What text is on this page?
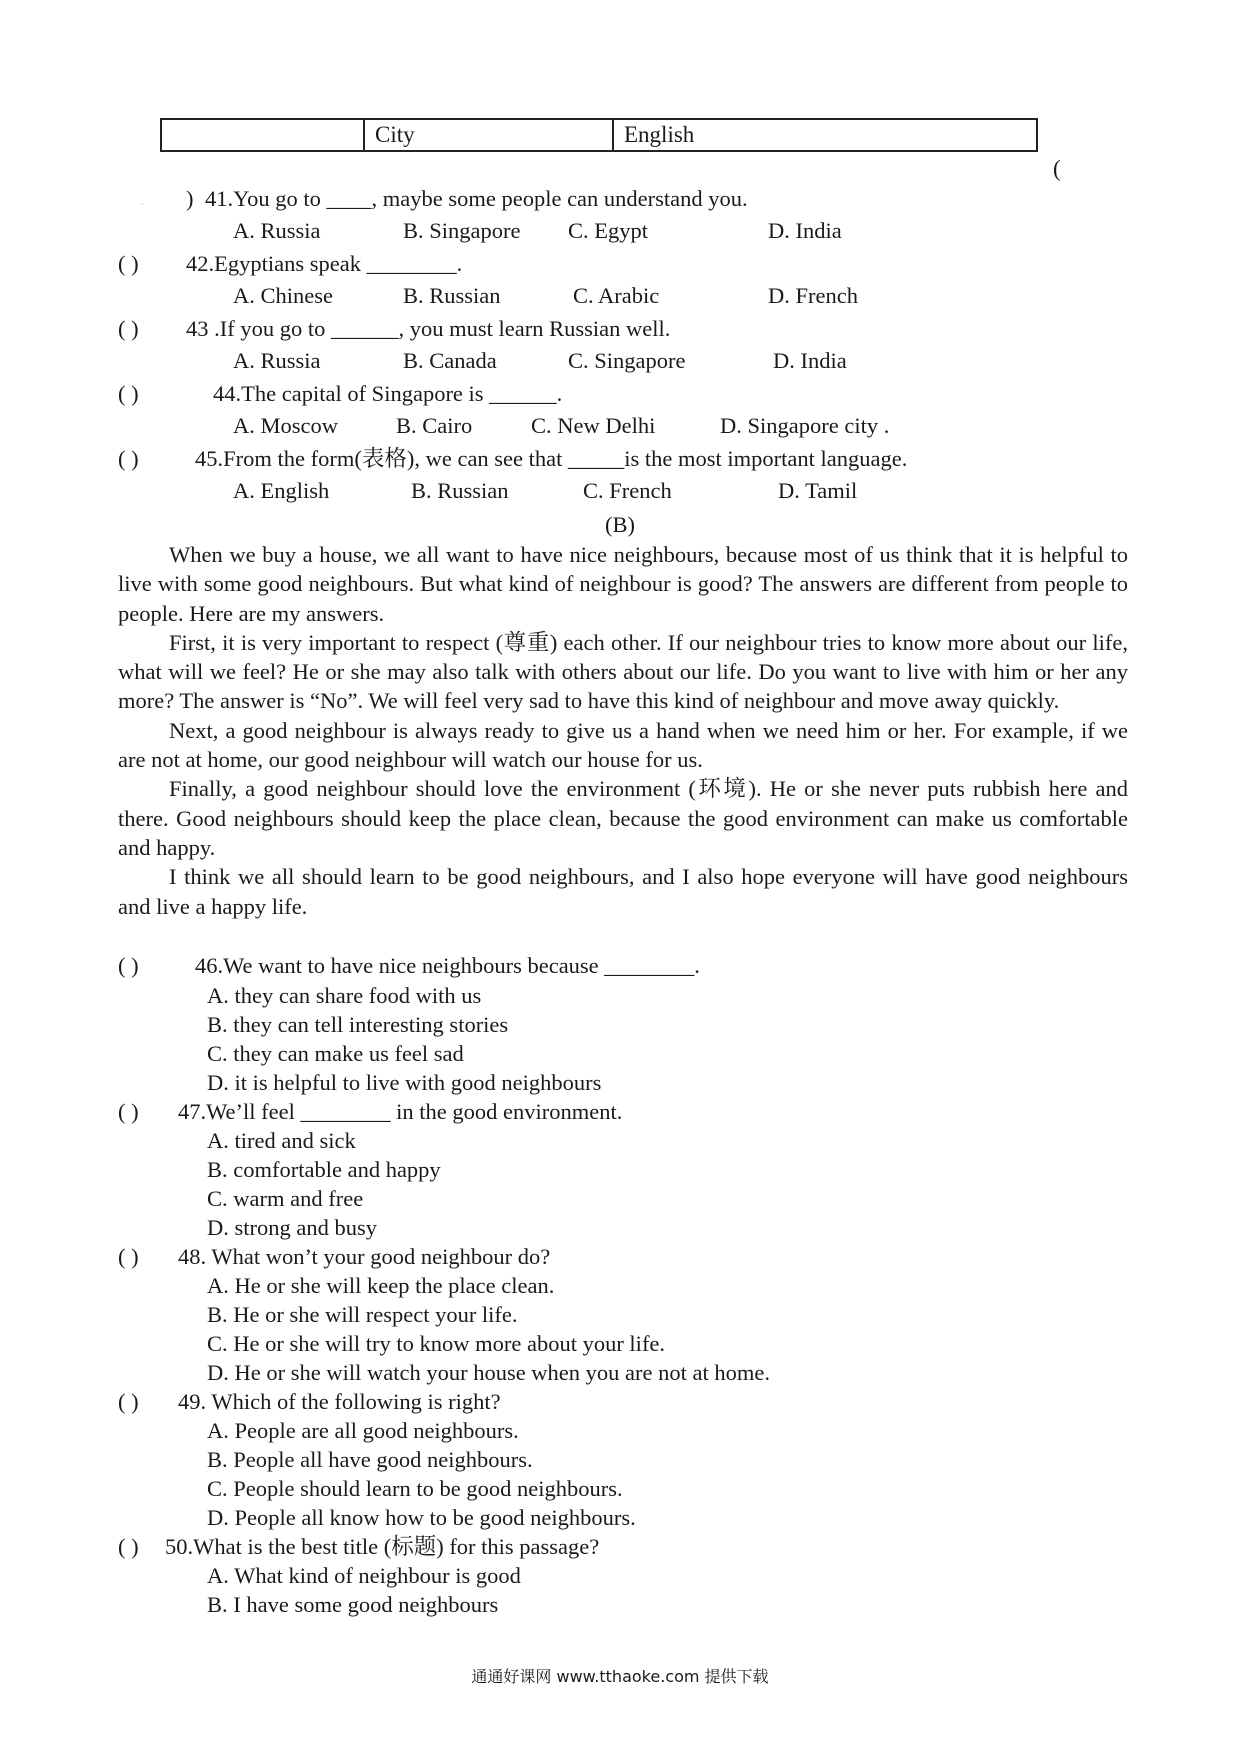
City	English
(
· ) 41.You go to ____, maybe some people can understand you.
A. Russia	B. Singapore C. Egypt	D. India
( ) 42.Egyptians speak ________.
A. Chinese	B. Russian	C. Arabic	D. French
( ) 43 .If you go to ______, you must learn Russian well.
A. Russia	B. Canada	C. Singapore	D. India
( )	44.The capital of Singapore is ______.
A. Moscow	B. Cairo	C. New Delhi	D. Singapore city .
( )	45.From the form(表格), we can see that _____is the most important language.
A. English	B. Russian	C. French	D. Tamil
(B)

When we buy a house, we all want to have nice neighbours, because most of us think that it is helpful to live with some good neighbours. But what kind of neighbour is good? The answers are different from people to people. Here are my answers.

First, it is very important to respect (尊重) each other. If our neighbour tries to know more about our life, what will we feel? He or she may also talk with others about our life. Do you want to live with him or her any more? The answer is “No”. We will feel very sad to have this kind of neighbour and move away quickly.

Next, a good neighbour is always ready to give us a hand when we need him or her. For example, if we are not at home, our good neighbour will watch our house for us.

Finally, a good neighbour should love the environment (环境). He or she never puts rubbish here and there. Good neighbours should keep the place clean, because the good environment can make us comfortable and happy.

I think we all should learn to be good neighbours, and I also hope everyone will have good neighbours and live a happy life.

( )	46.We want to have nice neighbours because ________.
A. they can share food with us
B. they can tell interesting stories
C. they can make us feel sad
D. it is helpful to live with good neighbours
( ) 47.We’ll feel ________ in the good environment.
A. tired and sick
B. comfortable and happy
C. warm and free
D. strong and busy
( ) 48. What won’t your good neighbour do?
A. He or she will keep the place clean.
B. He or she will respect your life.
C. He or she will try to know more about your life.
D. He or she will watch your house when you are not at home.
( ) 49. Which of the following is right?
A. People are all good neighbours.
B. People all have good neighbours.
C. People should learn to be good neighbours.
D. People all know how to be good neighbours.
( ) 50.What is the best title (标题) for this passage?
A. What kind of neighbour is good
B. I have some good neighbours
通通好课网 www.tthaoke.com 提供下载
